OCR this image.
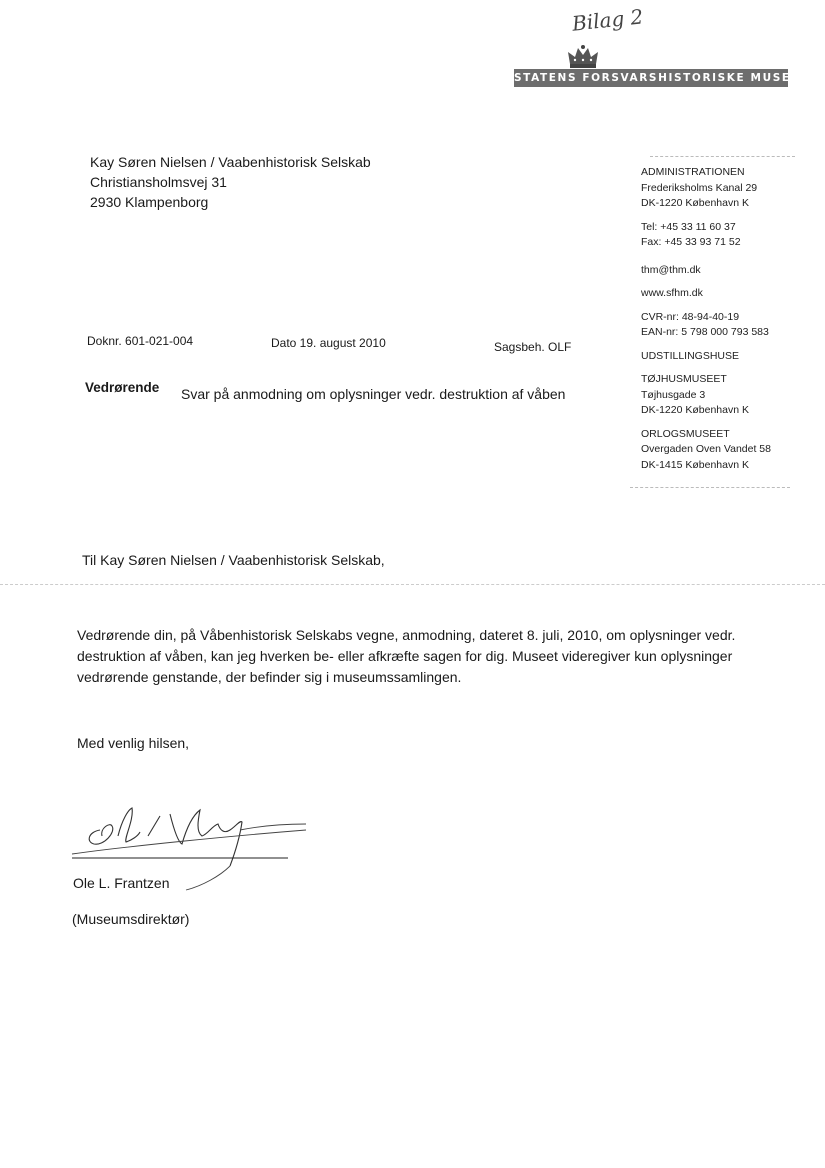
Bilag 2
STATENS FORSVARSHISTORISKE MUSEUM
Kay Søren Nielsen / Vaabenhistorisk Selskab
Christiansholmsvej 31
2930 Klampenborg
ADMINISTRATIONEN
Frederiksholms Kanal 29
DK-1220 København K
Tel: +45 33 11 60 37
Fax: +45 33 93 71 52
thm@thm.dk
www.sfhm.dk
CVR-nr: 48-94-40-19
EAN-nr: 5 798 000 793 583
UDSTILLINGSHUSE
TØJHUSMUSEET
Tøjhusgade 3
DK-1220 København K
ORLOGSMUSEET
Overgaden Oven Vandet 58
DK-1415 København K
Doknr. 601-021-004	Dato 19. august 2010	Sagsbeh. OLF
Vedrørende Svar på anmodning om oplysninger vedr. destruktion af våben
Til Kay Søren Nielsen / Vaabenhistorisk Selskab,
Vedrørende din, på Våbenhistorisk Selskabs vegne, anmodning, dateret 8. juli, 2010, om oplysninger vedr. destruktion af våben, kan jeg hverken be- eller afkræfte sagen for dig. Museet videregiver kun oplysninger vedrørende genstande, der befinder sig i museumssamlingen.
Med venlig hilsen,
Ole L. Frantzen
(Museumsdirektør)
